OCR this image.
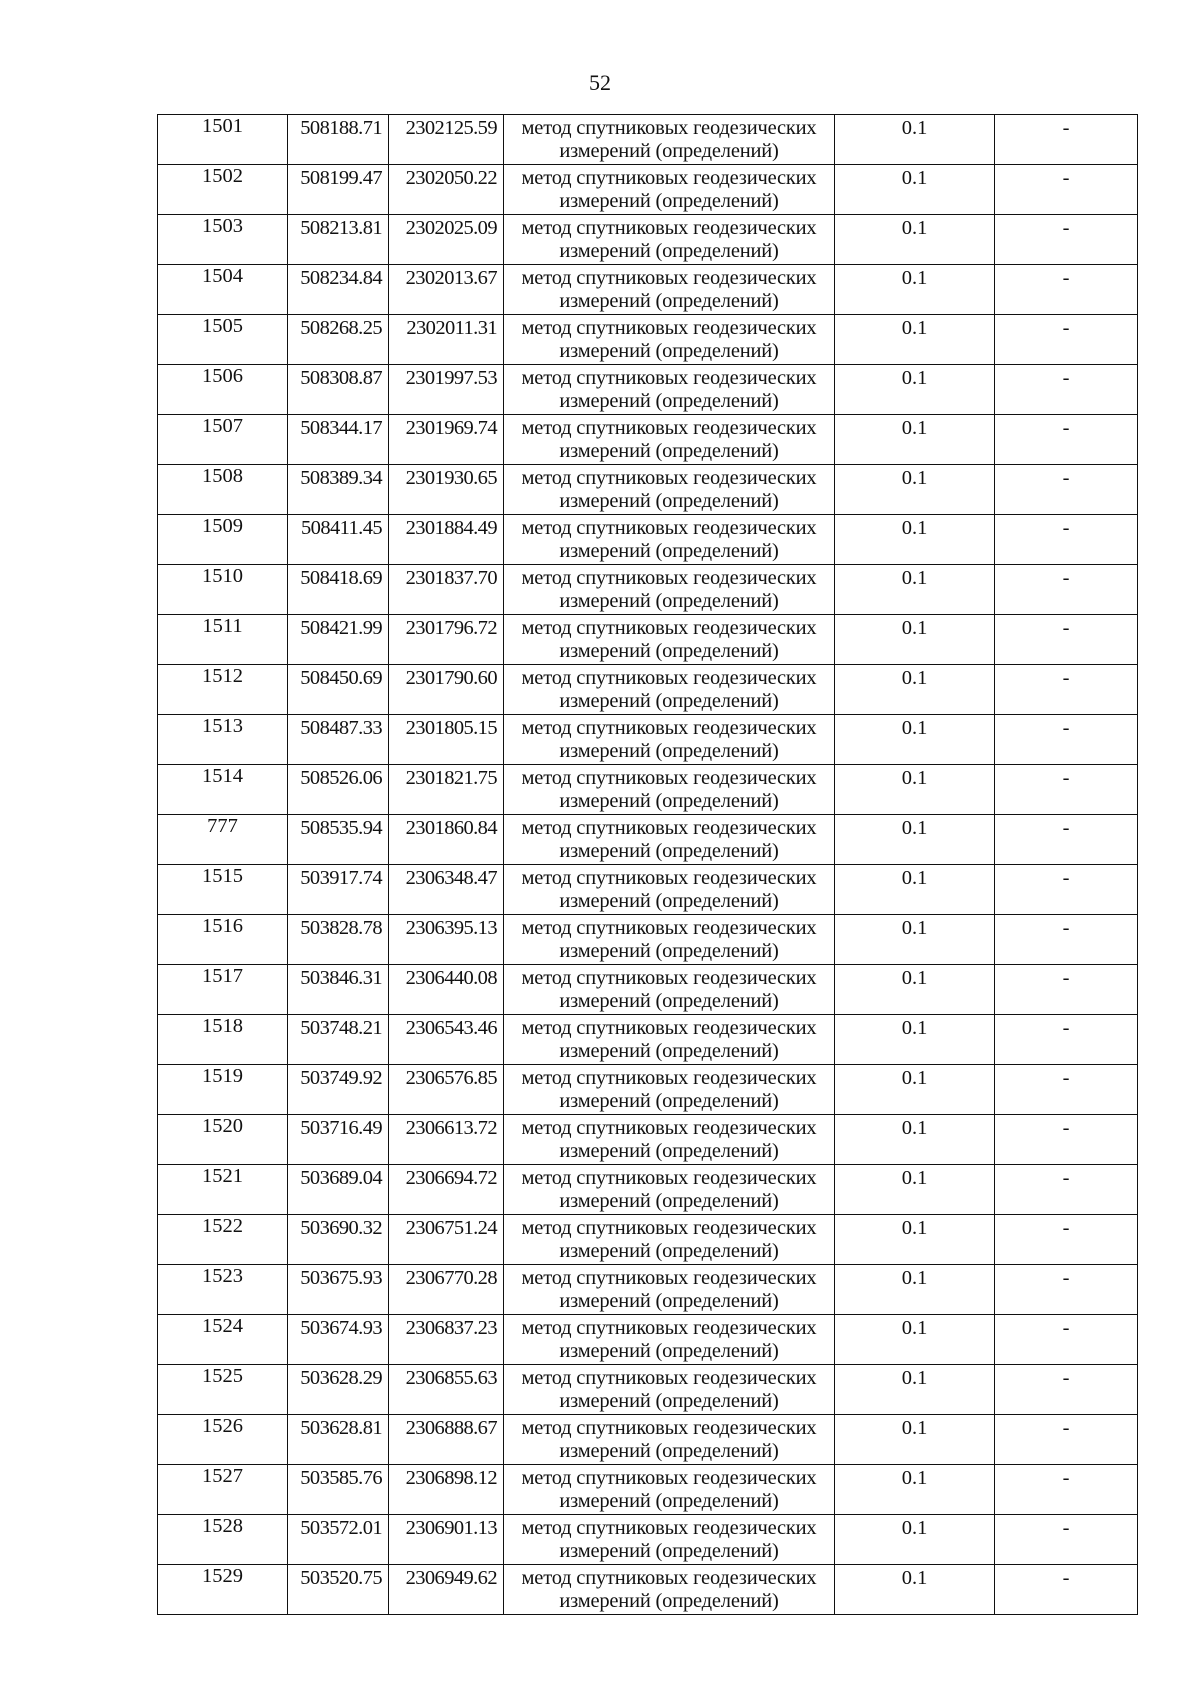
52
1501	508188.71	2302125.59	метод спутниковых геодезических
измерений (определений)	0.1	-
1502	508199.47	2302050.22	метод спутниковых геодезических
измерений (определений)	0.1	-
1503	508213.81	2302025.09	метод спутниковых геодезических
измерений (определений)	0.1	-
1504	508234.84	2302013.67	метод спутниковых геодезических
измерений (определений)	0.1	-
1505	508268.25	2302011.31	метод спутниковых геодезических
измерений (определений)	0.1	-
1506	508308.87	2301997.53	метод спутниковых геодезических
измерений (определений)	0.1	-
1507	508344.17	2301969.74	метод спутниковых геодезических
измерений (определений)	0.1	-
1508	508389.34	2301930.65	метод спутниковых геодезических
измерений (определений)	0.1	-
1509	508411.45	2301884.49	метод спутниковых геодезических
измерений (определений)	0.1	-
1510	508418.69	2301837.70	метод спутниковых геодезических
измерений (определений)	0.1	-
1511	508421.99	2301796.72	метод спутниковых геодезических
измерений (определений)	0.1	-
1512	508450.69	2301790.60	метод спутниковых геодезических
измерений (определений)	0.1	-
1513	508487.33	2301805.15	метод спутниковых геодезических
измерений (определений)	0.1	-
1514	508526.06	2301821.75	метод спутниковых геодезических
измерений (определений)	0.1	-
777	508535.94	2301860.84	метод спутниковых геодезических
измерений (определений)	0.1	-
1515	503917.74	2306348.47	метод спутниковых геодезических
измерений (определений)	0.1	-
1516	503828.78	2306395.13	метод спутниковых геодезических
измерений (определений)	0.1	-
1517	503846.31	2306440.08	метод спутниковых геодезических
измерений (определений)	0.1	-
1518	503748.21	2306543.46	метод спутниковых геодезических
измерений (определений)	0.1	-
1519	503749.92	2306576.85	метод спутниковых геодезических
измерений (определений)	0.1	-
1520	503716.49	2306613.72	метод спутниковых геодезических
измерений (определений)	0.1	-
1521	503689.04	2306694.72	метод спутниковых геодезических
измерений (определений)	0.1	-
1522	503690.32	2306751.24	метод спутниковых геодезических
измерений (определений)	0.1	-
1523	503675.93	2306770.28	метод спутниковых геодезических
измерений (определений)	0.1	-
1524	503674.93	2306837.23	метод спутниковых геодезических
измерений (определений)	0.1	-
1525	503628.29	2306855.63	метод спутниковых геодезических
измерений (определений)	0.1	-
1526	503628.81	2306888.67	метод спутниковых геодезических
измерений (определений)	0.1	-
1527	503585.76	2306898.12	метод спутниковых геодезических
измерений (определений)	0.1	-
1528	503572.01	2306901.13	метод спутниковых геодезических
измерений (определений)	0.1	-
1529	503520.75	2306949.62	метод спутниковых геодезических
измерений (определений)	0.1	-
